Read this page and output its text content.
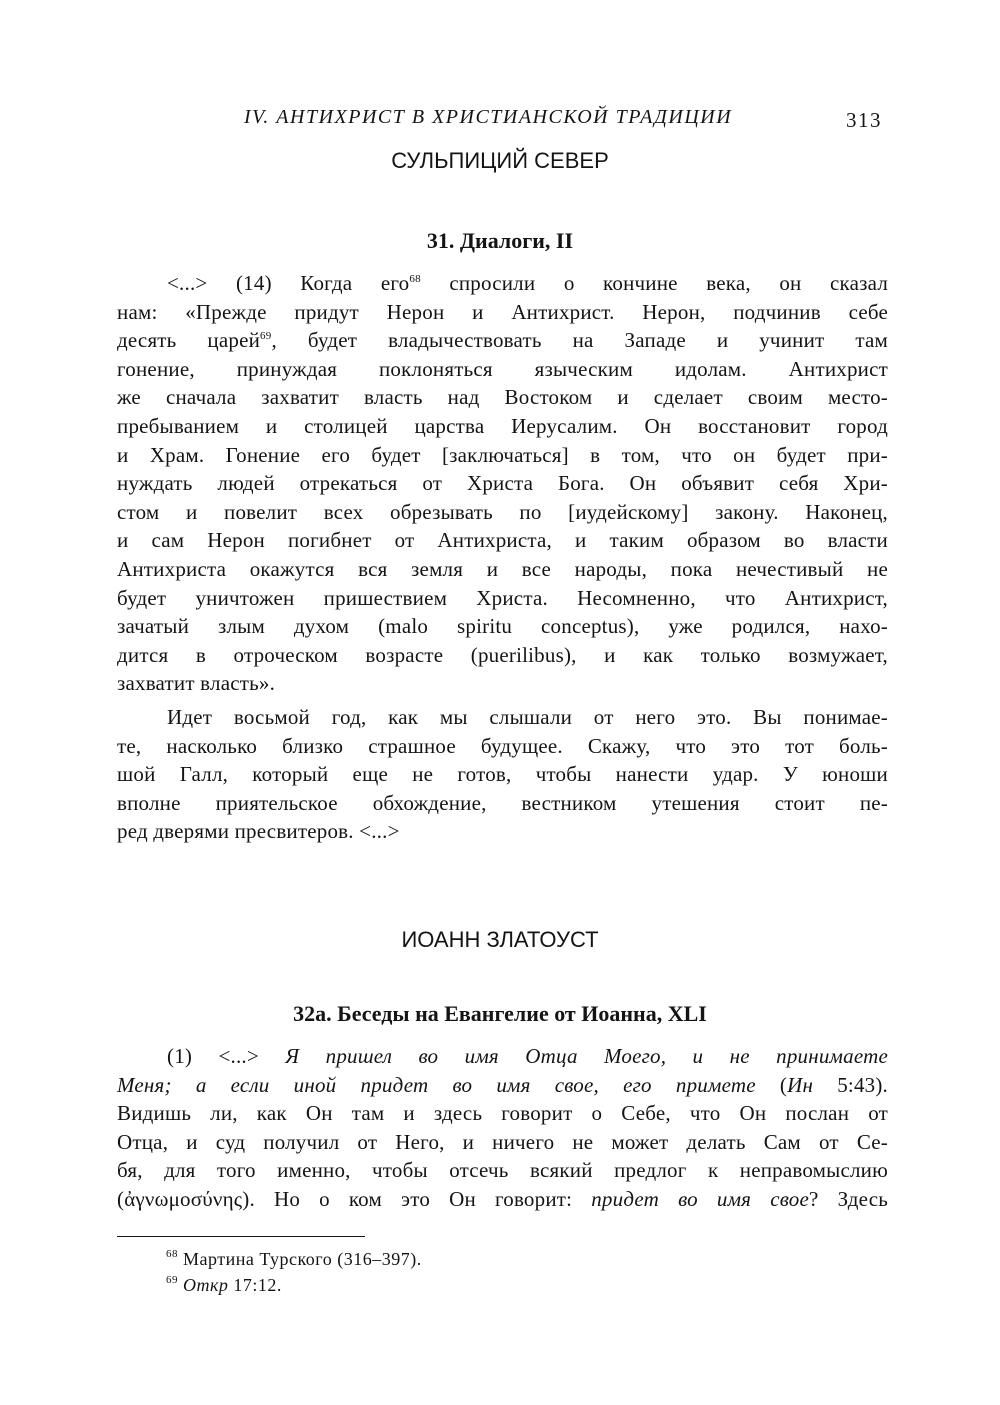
IV. АНТИХРИСТ В ХРИСТИАНСКОЙ ТРАДИЦИИ	313
СУЛЬПИЦИЙ СЕВЕР
31. Диалоги, II
<...> (14) Когда его$^{68}$ спросили о кончине века, он сказал
нам: «Прежде придут Нерон и Антихрист. Нерон, подчинив себе
десять царей$^{69}$, будет владычествовать на Западе и учинит там
гонение, принуждая поклоняться языческим идолам. Антихрист
же сначала захватит власть над Востоком и сделает своим место-
пребыванием и столицей царства Иерусалим. Он восстановит город
и Храм. Гонение его будет [заключаться] в том, что он будет при-
нуждать людей отрекаться от Христа Бога. Он объявит себя Хри-
стом и повелит всех обрезывать по [иудейскому] закону. Наконец,
и сам Нерон погибнет от Антихриста, и таким образом во власти
Антихриста окажутся вся земля и все народы, пока нечестивый не
будет уничтожен пришествием Христа. Несомненно, что Антихрист,
зачатый злым духом (malo spiritu conceptus), уже родился, нахо-
дится в отроческом возрасте (puerilibus), и как только возмужает,
захватит власть».
Идет восьмой год, как мы слышали от него это. Вы понимае-
те, насколько близко страшное будущее. Скажу, что это тот боль-
шой Галл, который еще не готов, чтобы нанести удар. У юноши
вполне приятельское обхождение, вестником утешения стоит пе-
ред дверями пресвитеров. <...>
ИОАНН ЗЛАТОУСТ
32a. Беседы на Евангелие от Иоанна, XLI
(1) <...> Я пришел во имя Отца Моего, и не принимаете
Меня; а если иной придет во имя свое, его примете (Ин 5:43).
Видишь ли, как Он там и здесь говорит о Себе, что Он послан от
Отца, и суд получил от Него, и ничего не может делать Сам от Се-
бя, для того именно, чтобы отсечь всякий предлог к неправомыслию
(ἀγνωμοσύνης). Но о ком это Он говорит: придет во имя свое? Здесь
$^{68}$ Мартина Турского (316–397).
$^{69}$ Откр 17:12.
